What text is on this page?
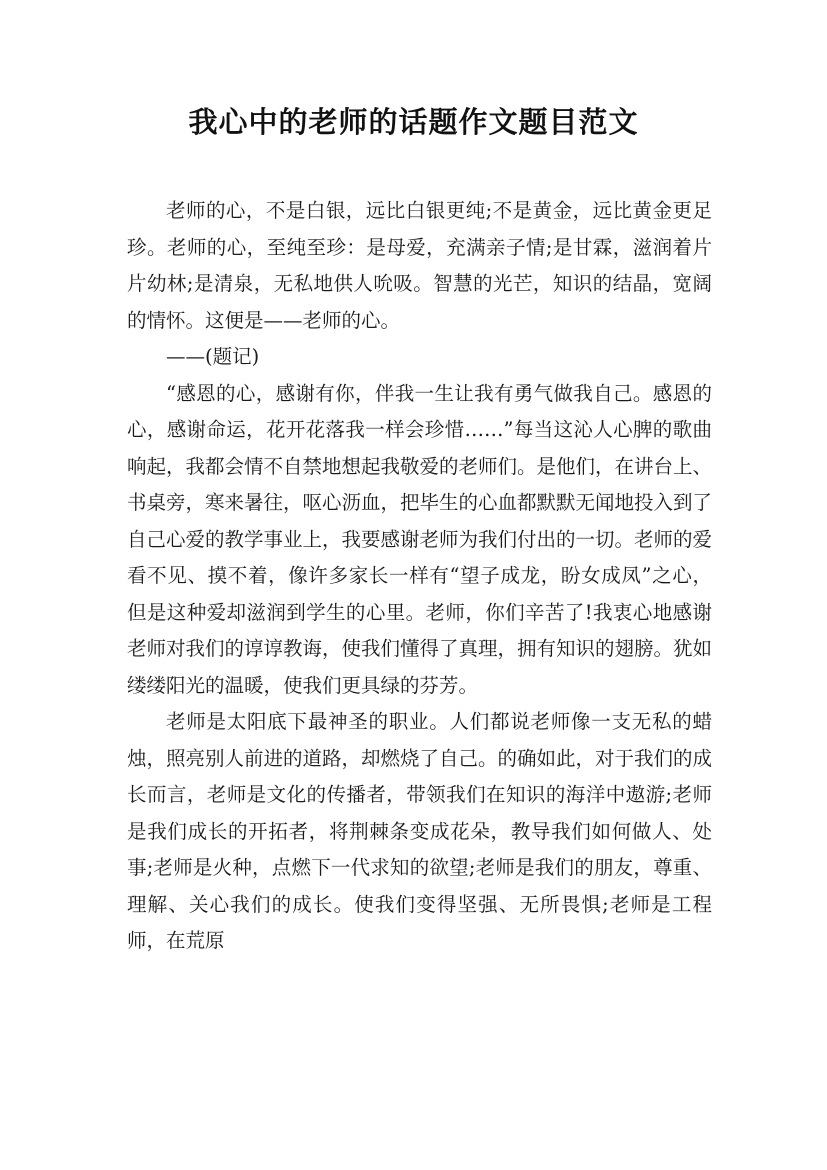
我心中的老师的话题作文题目范文

老师的心，不是白银，远比白银更纯;不是黄金，远比黄金更足珍。老师的心，至纯至珍：是母爱，充满亲子情;是甘霖，滋润着片片幼林;是清泉，无私地供人吮吸。智慧的光芒，知识的结晶，宽阔的情怀。这便是——老师的心。

——(题记)

“感恩的心，感谢有你，伴我一生让我有勇气做我自己。感恩的心，感谢命运，花开花落我一样会珍惜……”每当这沁人心脾的歌曲响起，我都会情不自禁地想起我敬爱的老师们。是他们，在讲台上、书桌旁，寒来暑往，呕心沥血，把毕生的心血都默默无闻地投入到了自己心爱的教学事业上，我要感谢老师为我们付出的一切。老师的爱看不见、摸不着，像许多家长一样有“望子成龙，盼女成凤”之心，但是这种爱却滋润到学生的心里。老师，你们辛苦了!我衷心地感谢老师对我们的谆谆教诲，使我们懂得了真理，拥有知识的翅膀。犹如缕缕阳光的温暖，使我们更具绿的芬芳。

老师是太阳底下最神圣的职业。人们都说老师像一支无私的蜡烛，照亮别人前进的道路，却燃烧了自己。的确如此，对于我们的成长而言，老师是文化的传播者，带领我们在知识的海洋中遨游;老师是我们成长的开拓者，将荆棘条变成花朵，教导我们如何做人、处事;老师是火种，点燃下一代求知的欲望;老师是我们的朋友，尊重、理解、关心我们的成长。使我们变得坚强、无所畏惧;老师是工程师，在荒原
